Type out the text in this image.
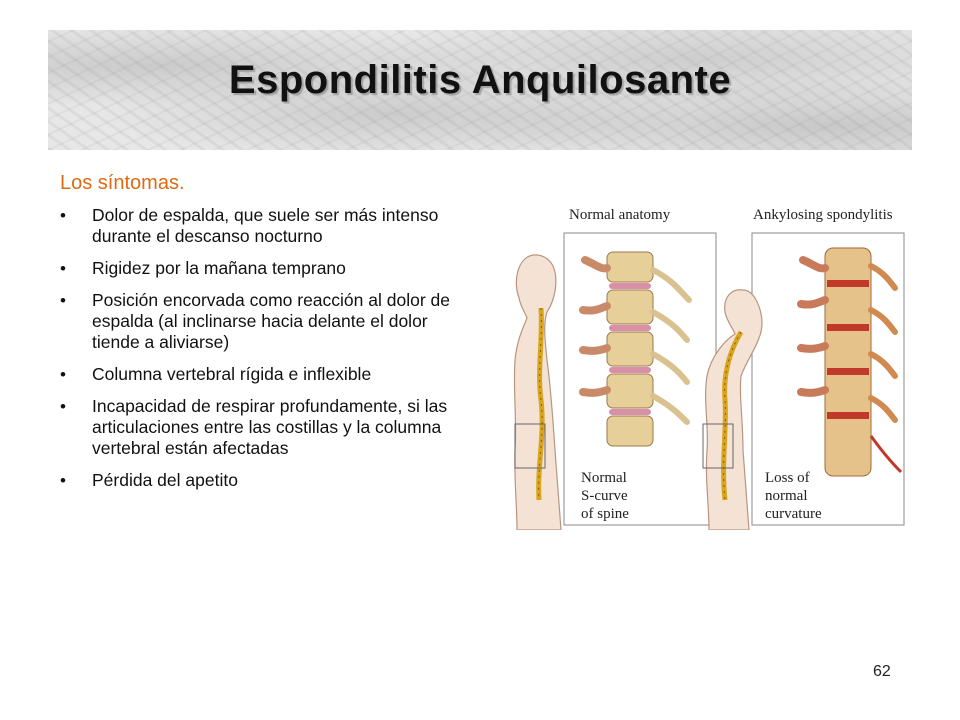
Espondilitis Anquilosante
Los síntomas.
• Dolor de espalda, que suele ser más intenso durante el descanso nocturno
• Rigidez por la mañana temprano
• Posición encorvada como reacción al dolor de espalda (al inclinarse hacia delante el dolor tiende a aliviarse)
• Columna vertebral rígida e inflexible
• Incapacidad de respirar profundamente, si las articulaciones entre las costillas y la columna vertebral están afectadas
• Pérdida del apetito
Normal anatomy	Ankylosing spondylitis
Normal
S-curve
of spine
Loss of
normal
curvature
62
